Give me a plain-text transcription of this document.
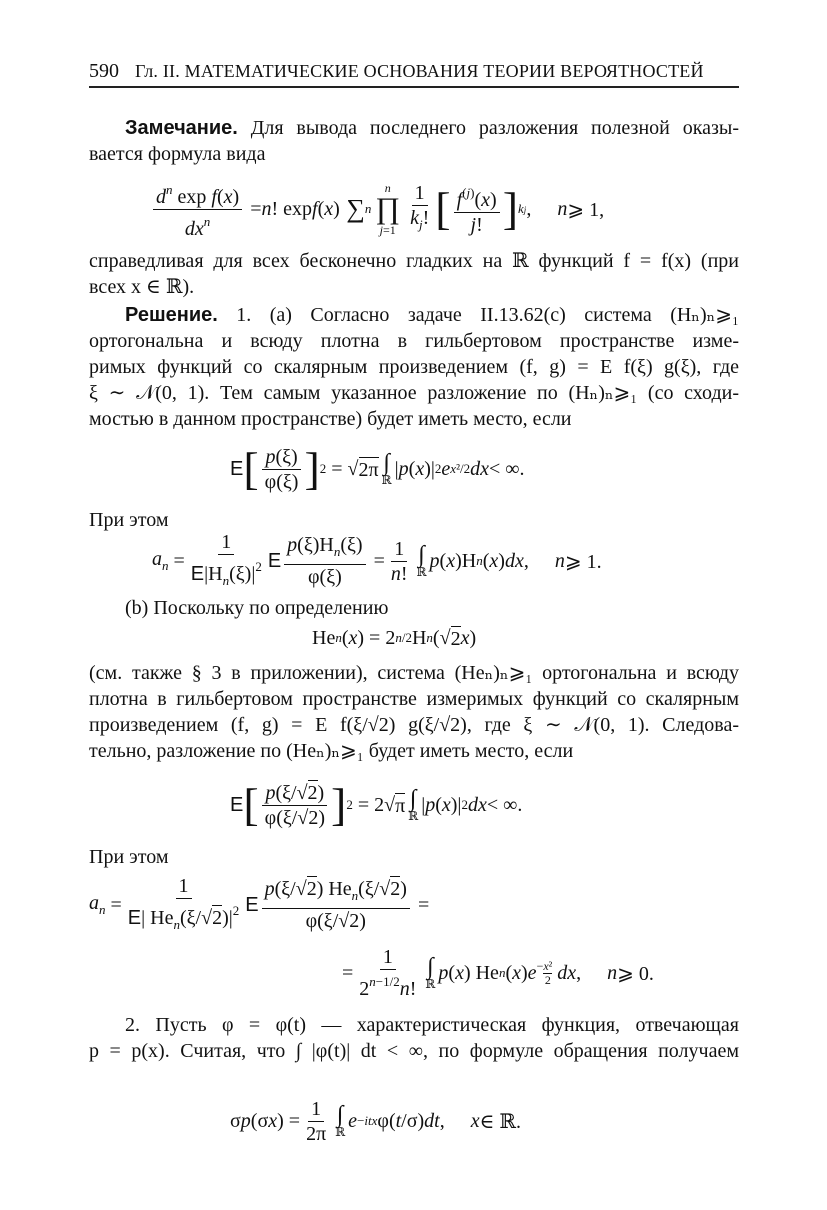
590 Гл. II. МАТЕМАТИЧЕСКИЕ ОСНОВАНИЯ ТЕОРИИ ВЕРОЯТНОСТЕЙ
Замечание. Для вывода последнего разложения полезной оказы-
вается формула вида
$\frac{d^n \exp f(x)}{dx^n} = n$ ! exp f ( x ) ∑ n
n
∏
$j=1 \frac{1}{k_j!}$ [ $\frac{f^{(j)}(x)}{j!}$ ] kj , n ⩾ 1,
справедливая для всех бесконечно гладких на ℝ функций f = f(x) (при
всех x ∈ ℝ).
Решение. 1. (a) Согласно задаче II.13.62(c) система (Hₙ)ₙ⩾₁
ортогональна и всюду плотна в гильбертовом пространстве изме-
римых функций со скалярным произведением (f, g) = E f(ξ) g(ξ), где
ξ ∼ 𝒩(0, 1). Тем самым указанное разложение по (Hₙ)ₙ⩾₁ (со сходи-
мостью в данном пространстве) будет иметь место, если
E [ $\frac{p(\xi)}{\varphi(\xi)}$ ] 2 = √ 2π ∫
ℝ
| p ( x )| 2 e x²/2 dx < ∞.
При этом
$a_n = \frac{1}{E|H_n(\xi)|^2}$ E $\frac{p(\xi)H_n(\xi)}{\varphi(\xi)} = \frac{1}{n!}$ ∫
ℝ
p ( x )H n ( x ) dx , n ⩾ 1.
(b) Поскольку по определению
He n ( x ) = 2 n/2 H n (√ 2 x )
(см. также § 3 в приложении), система (Heₙ)ₙ⩾₁ ортогональна и всюду
плотна в гильбертовом пространстве измеримых функций со скалярным
произведением (f, g) = E f(ξ/√2) g(ξ/√2), где ξ ∼ 𝒩(0, 1). Следова-
тельно, разложение по (Heₙ)ₙ⩾₁ будет иметь место, если
E [ $\frac{p(\xi/√2)}{\varphi(\xi/√2)}$ ] 2 = 2√ π ∫
ℝ
| p ( x )| 2 dx < ∞.
При этом
$a_n = \frac{1}{E| He_n(\xi/√2)|^2}$ E $\frac{p(\xi/√2) He_n(\xi/√2)}{\varphi(\xi/√2)}$ =
= $\frac{1}{2^{n-1/2}n!}$ ∫
ℝ
p ( x ) He n ( x ) $e - \frac{\text{x²}}{2}$
dx , n ⩾ 0.
2. Пусть φ = φ(t) — характеристическая функция, отвечающая
p = p(x). Считая, что ∫ |φ(t)| dt < ∞, по формуле обращения получаем
σ p (σ x ) = $\frac{1}{2\pi}$ ∫
ℝ
e −itx φ( t /σ) dt , x ∈ ℝ.
